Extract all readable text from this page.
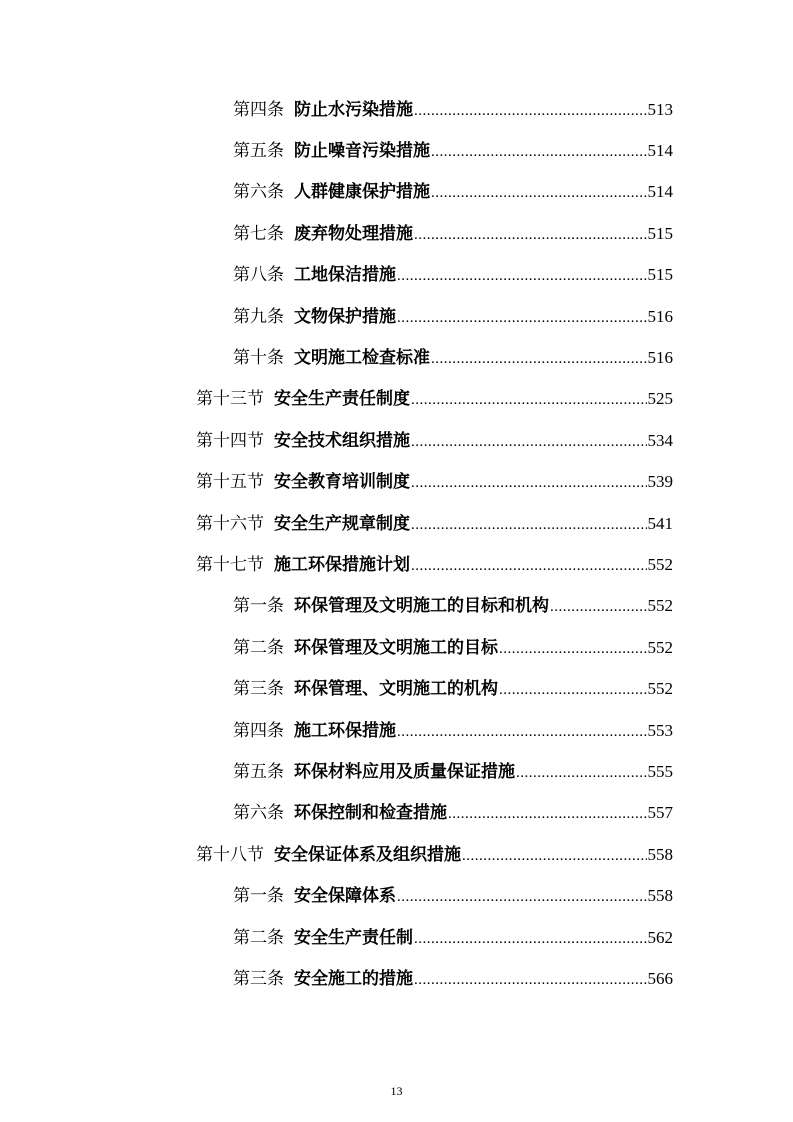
第四条 防止水污染措施 .....	513
第五条 防止噪音污染措施 .....	514
第六条 人群健康保护措施 .....	514
第七条 废弃物处理措施 .....	515
第八条 工地保洁措施 .....	515
第九条 文物保护措施 .....	516
第十条 文明施工检查标准 .....	516
第十三节 安全生产责任制度 .....	525
第十四节 安全技术组织措施 .....	534
第十五节 安全教育培训制度 .....	539
第十六节 安全生产规章制度 .....	541
第十七节 施工环保措施计划 .....	552
第一条 环保管理及文明施工的目标和机构 .....	552
第二条 环保管理及文明施工的目标 .....	552
第三条 环保管理、文明施工的机构 .....	552
第四条 施工环保措施 .....	553
第五条 环保材料应用及质量保证措施 .....	555
第六条 环保控制和检查措施 .....	557
第十八节 安全保证体系及组织措施 .....	558
第一条 安全保障体系 .....	558
第二条 安全生产责任制 .....	562
第三条 安全施工的措施 .....	566
13
